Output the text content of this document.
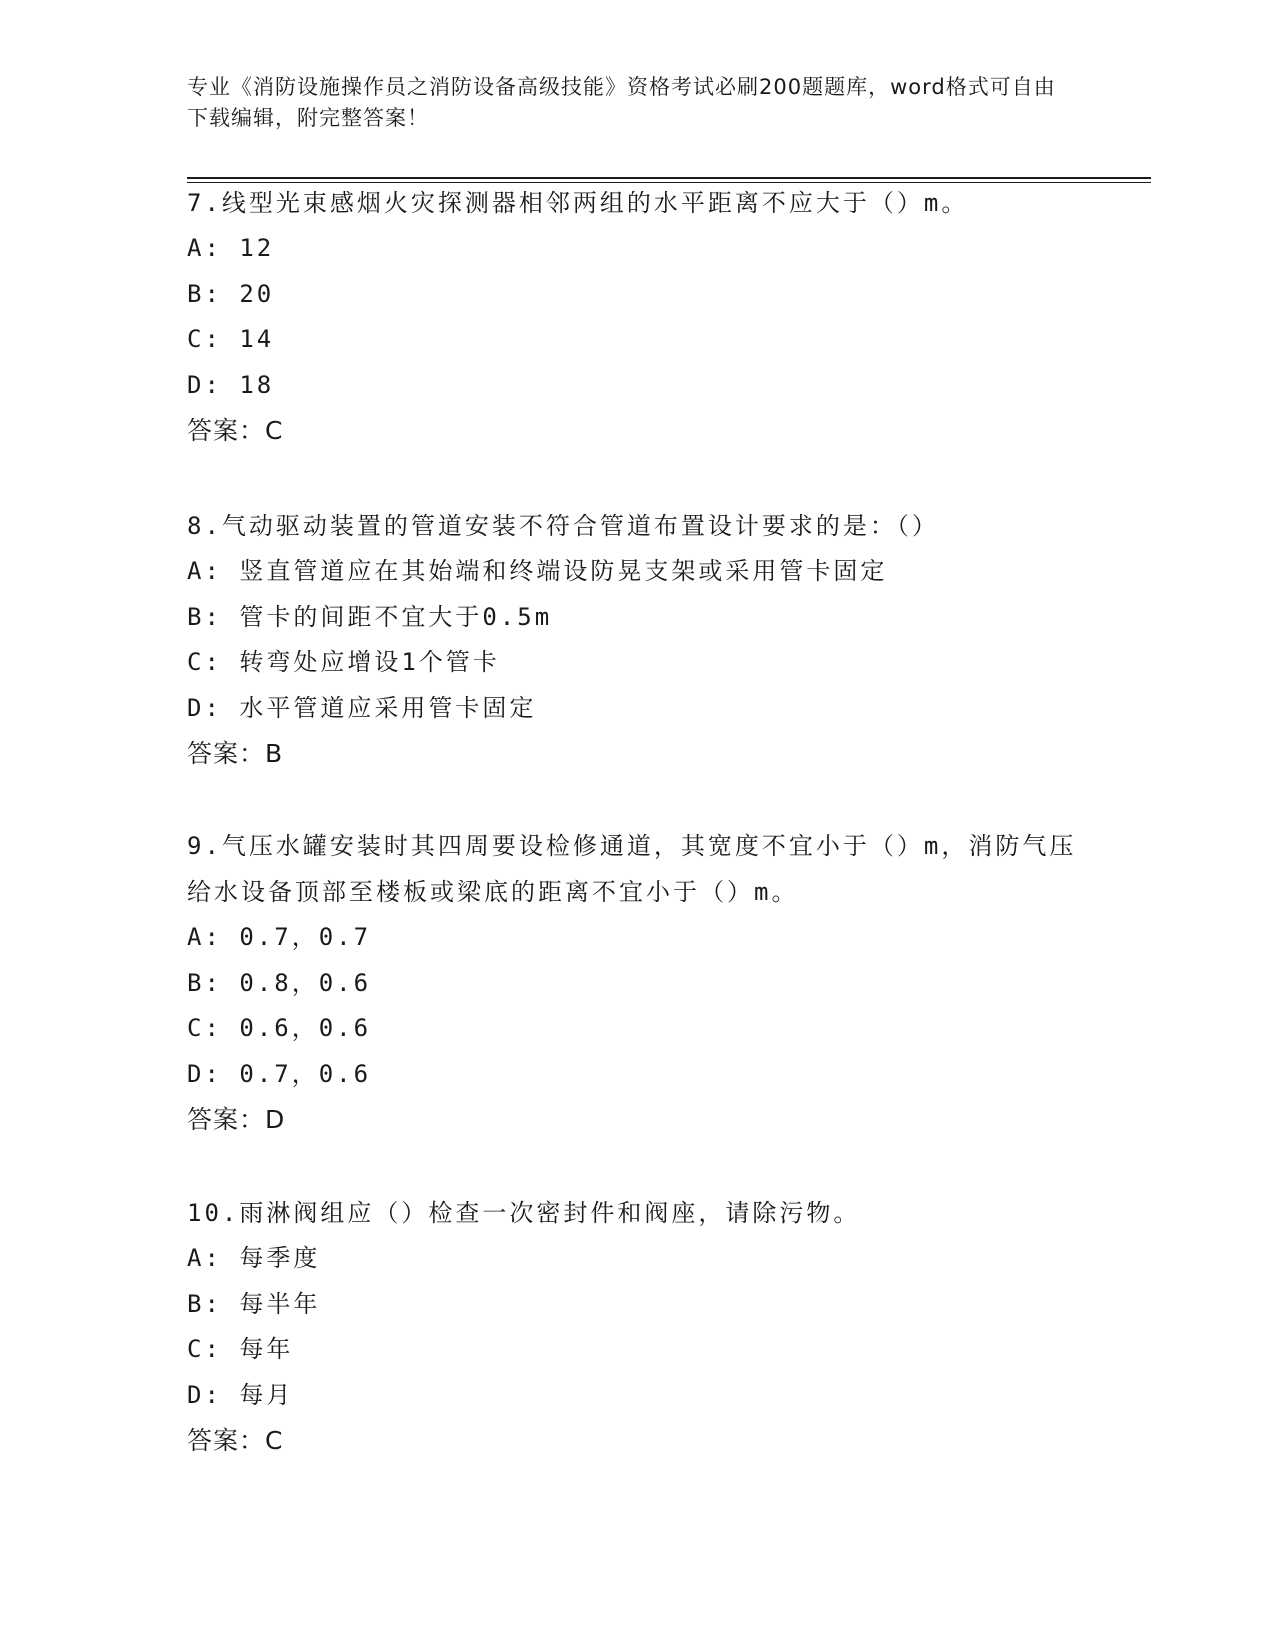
专业《消防设施操作员之消防设备高级技能》资格考试必刷200题题库，word格式可自由下载编辑，附完整答案！

7.线型光束感烟火灾探测器相邻两组的水平距离不应大于（）m。

A: 12

B: 20

C: 14

D: 18

答案：C

8.气动驱动装置的管道安装不符合管道布置设计要求的是：（）

A: 竖直管道应在其始端和终端设防晃支架或采用管卡固定

B: 管卡的间距不宜大于0.5m

C: 转弯处应增设1个管卡

D: 水平管道应采用管卡固定

答案：B

9.气压水罐安装时其四周要设检修通道，其宽度不宜小于（）m，消防气压给水设备顶部至楼板或梁底的距离不宜小于（）m。

A: 0.7，0.7

B: 0.8，0.6

C: 0.6，0.6

D: 0.7，0.6

答案：D

10.雨淋阀组应（）检查一次密封件和阀座，请除污物。

A: 每季度

B: 每半年

C: 每年

D: 每月

答案：C
